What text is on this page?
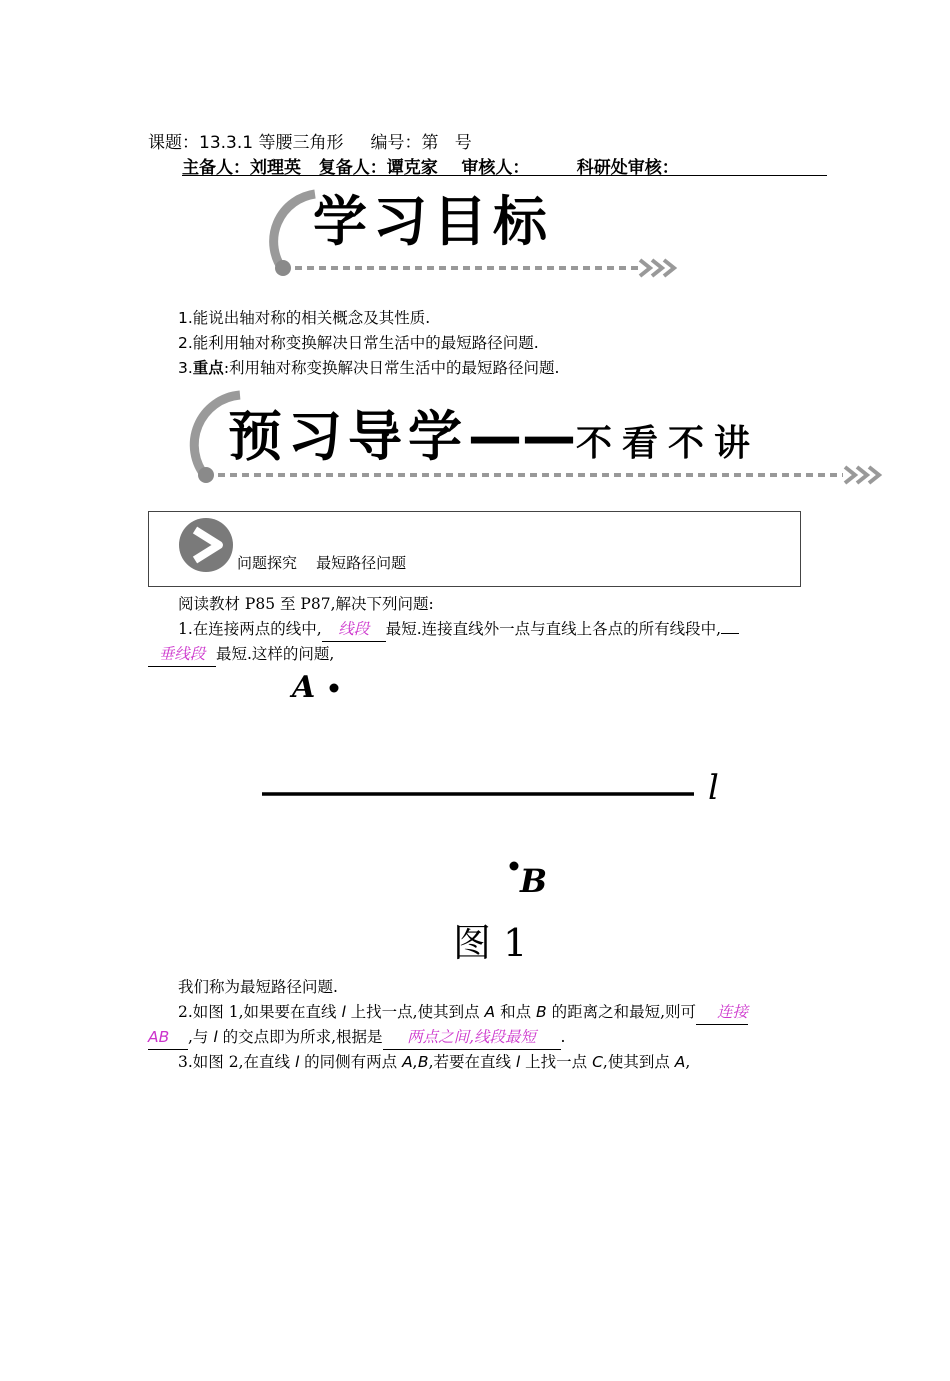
课题：13.3.1 等腰三角形     编号：第   号
主备人：刘理英   复备人：谭克家    审核人：        科研处审核：
学习目标
1.能说出轴对称的相关概念及其性质.
2.能利用轴对称变换解决日常生活中的最短路径问题.
3.重点:利用轴对称变换解决日常生活中的最短路径问题.
预习导学——不看不讲
问题探究    最短路径问题
阅读教材 P85 至 P87,解决下列问题:
1.在连接两点的线中, 线段 最短.连接直线外一点与直线上各点的所有线段中,
垂线段 最短.这样的问题,
A
l
B
图 1
我们称为最短路径问题.
2.如图 1,如果要在直线 l 上找一点,使其到点 A 和点 B 的距离之和最短,则可 连接
AB ,与 l 的交点即为所求,根据是 两点之间,线段最短 .
3.如图 2,在直线 l 的同侧有两点 A,B,若要在直线 l 上找一点 C,使其到点 A,
